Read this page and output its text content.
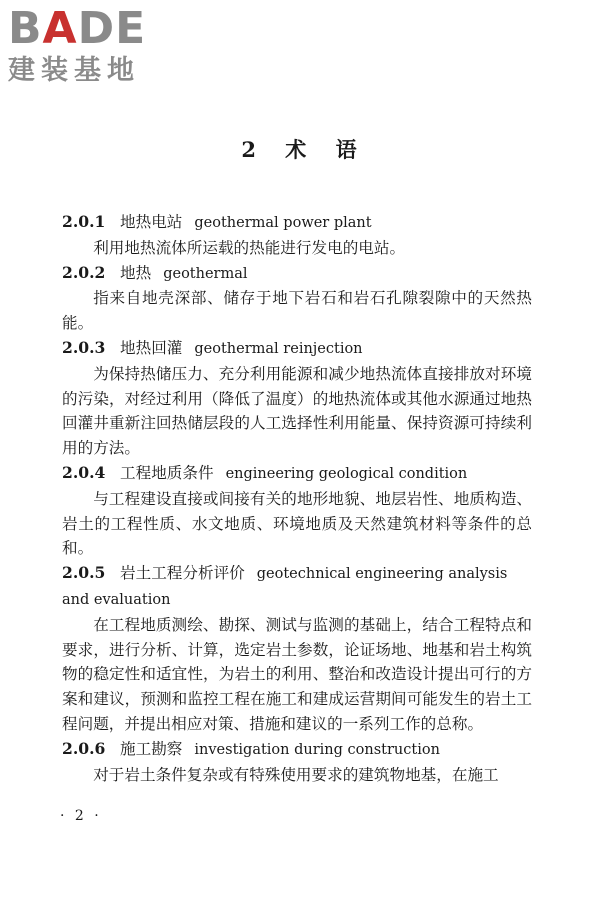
BADE
建装基地
2 术 语
2.0.1 地热电站 geothermal power plant
利用地热流体所运载的热能进行发电的电站。
2.0.2 地热 geothermal
指来自地壳深部、储存于地下岩石和岩石孔隙裂隙中的天然热能。
2.0.3 地热回灌 geothermal reinjection
为保持热储压力、充分利用能源和减少地热流体直接排放对环境的污染，对经过利用（降低了温度）的地热流体或其他水源通过地热回灌井重新注回热储层段的人工选择性利用能量、保持资源可持续利用的方法。
2.0.4 工程地质条件 engineering geological condition
与工程建设直接或间接有关的地形地貌、地层岩性、地质构造、岩土的工程性质、水文地质、环境地质及天然建筑材料等条件的总和。
2.0.5 岩土工程分析评价 geotechnical engineering analysis and evaluation
在工程地质测绘、勘探、测试与监测的基础上，结合工程特点和要求，进行分析、计算，选定岩土参数，论证场地、地基和岩土构筑物的稳定性和适宜性，为岩土的利用、整治和改造设计提出可行的方案和建议，预测和监控工程在施工和建成运营期间可能发生的岩土工程问题，并提出相应对策、措施和建议的一系列工作的总称。
2.0.6 施工勘察 investigation during construction
对于岩土条件复杂或有特殊使用要求的建筑物地基，在施工
· 2 ·
